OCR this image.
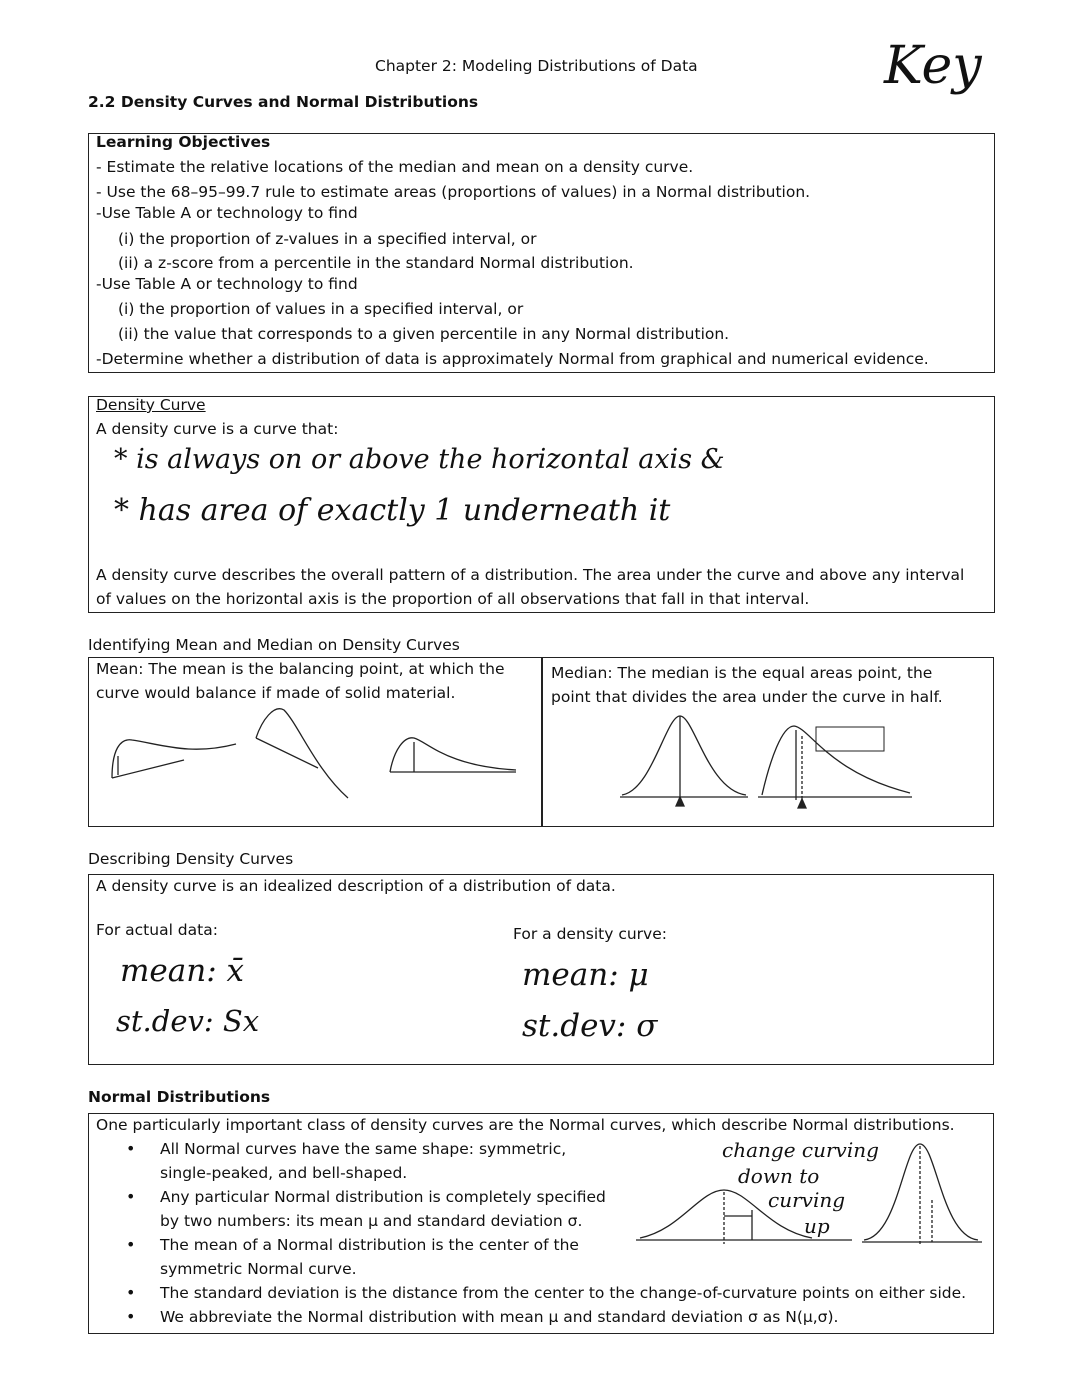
Chapter 2: Modeling Distributions of Data	Key
2.2 Density Curves and Normal Distributions
Learning Objectives
- Estimate the relative locations of the median and mean on a density curve.
- Use the 68–95–99.7 rule to estimate areas (proportions of values) in a Normal distribution.
-Use Table A or technology to find
(i) the proportion of z-values in a specified interval, or
(ii) a z-score from a percentile in the standard Normal distribution.
-Use Table A or technology to find
(i) the proportion of values in a specified interval, or
(ii) the value that corresponds to a given percentile in any Normal distribution.
-Determine whether a distribution of data is approximately Normal from graphical and numerical evidence.
Density Curve
A density curve is a curve that:
* is always on or above the horizontal axis &
* has area of exactly 1 underneath it
A density curve describes the overall pattern of a distribution. The area under the curve and above any interval
of values on the horizontal axis is the proportion of all observations that fall in that interval.
Identifying Mean and Median on Density Curves
Mean: The mean is the balancing point, at which the
curve would balance if made of solid material.
Median: The median is the equal areas point, the
point that divides the area under the curve in half.
Describing Density Curves
A density curve is an idealized description of a distribution of data.
For actual data:	For a density curve:
mean: x̄
st.dev: Sx
mean: μ
st.dev: σ
Normal Distributions
One particularly important class of density curves are the Normal curves, which describe Normal distributions.
• All Normal curves have the same shape: symmetric,
single-peaked, and bell-shaped.
• Any particular Normal distribution is completely specified
by two numbers: its mean μ and standard deviation σ.
• The mean of a Normal distribution is the center of the
symmetric Normal curve.
• The standard deviation is the distance from the center to the change-of-curvature points on either side.
• We abbreviate the Normal distribution with mean μ and standard deviation σ as N(μ,σ).
change curving
down to
curving
up
